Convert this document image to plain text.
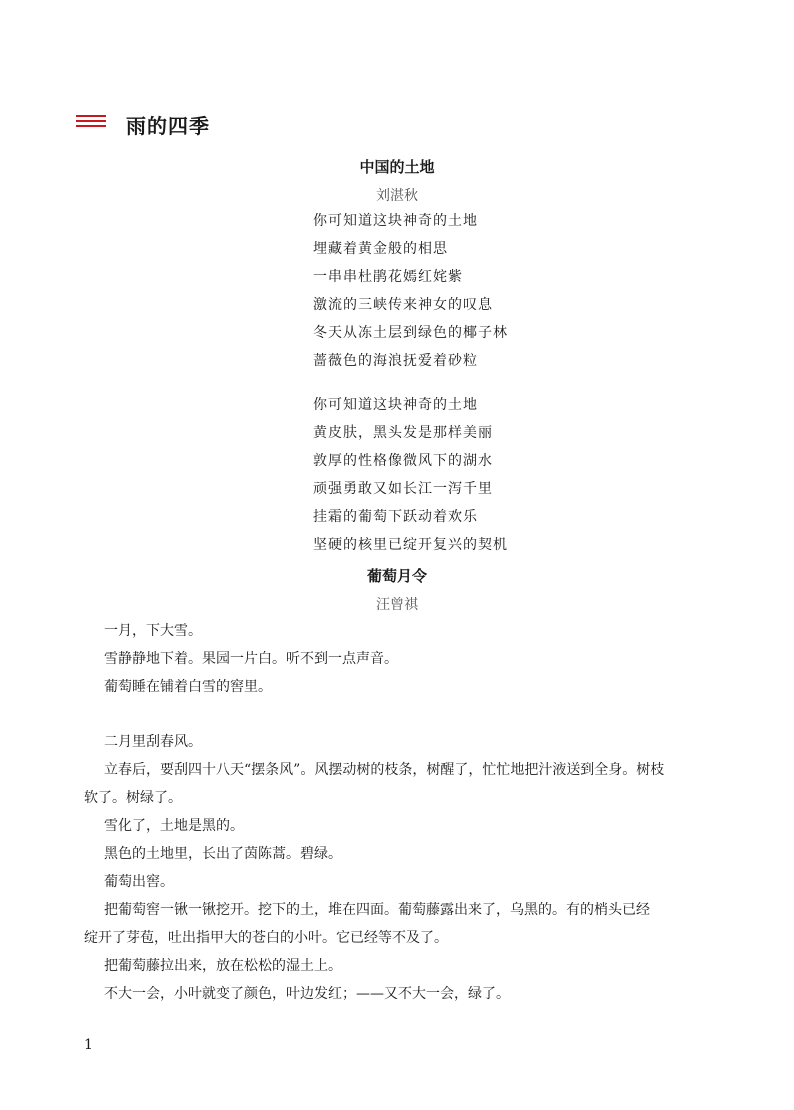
雨的四季
中国的土地
刘湛秋
你可知道这块神奇的土地
埋藏着黄金般的相思
一串串杜鹃花嫣红姹紫
激流的三峡传来神女的叹息
冬天从冻土层到绿色的椰子林
蔷薇色的海浪抚爱着砂粒
你可知道这块神奇的土地
黄皮肤，黑头发是那样美丽
敦厚的性格像微风下的湖水
顽强勇敢又如长江一泻千里
挂霜的葡萄下跃动着欢乐
坚硬的核里已绽开复兴的契机
葡萄月令
汪曾祺
一月，下大雪。
雪静静地下着。果园一片白。听不到一点声音。
葡萄睡在铺着白雪的窖里。
二月里刮春风。
立春后，要刮四十八天“摆条风”。风摆动树的枝条，树醒了，忙忙地把汁液送到全身。树枝
软了。树绿了。
雪化了，土地是黑的。
黑色的土地里，长出了茵陈蒿。碧绿。
葡萄出窖。
把葡萄窖一锹一锹挖开。挖下的土，堆在四面。葡萄藤露出来了，乌黑的。有的梢头已经
绽开了芽苞，吐出指甲大的苍白的小叶。它已经等不及了。
把葡萄藤拉出来，放在松松的湿土上。
不大一会，小叶就变了颜色，叶边发红；——又不大一会，绿了。
1
